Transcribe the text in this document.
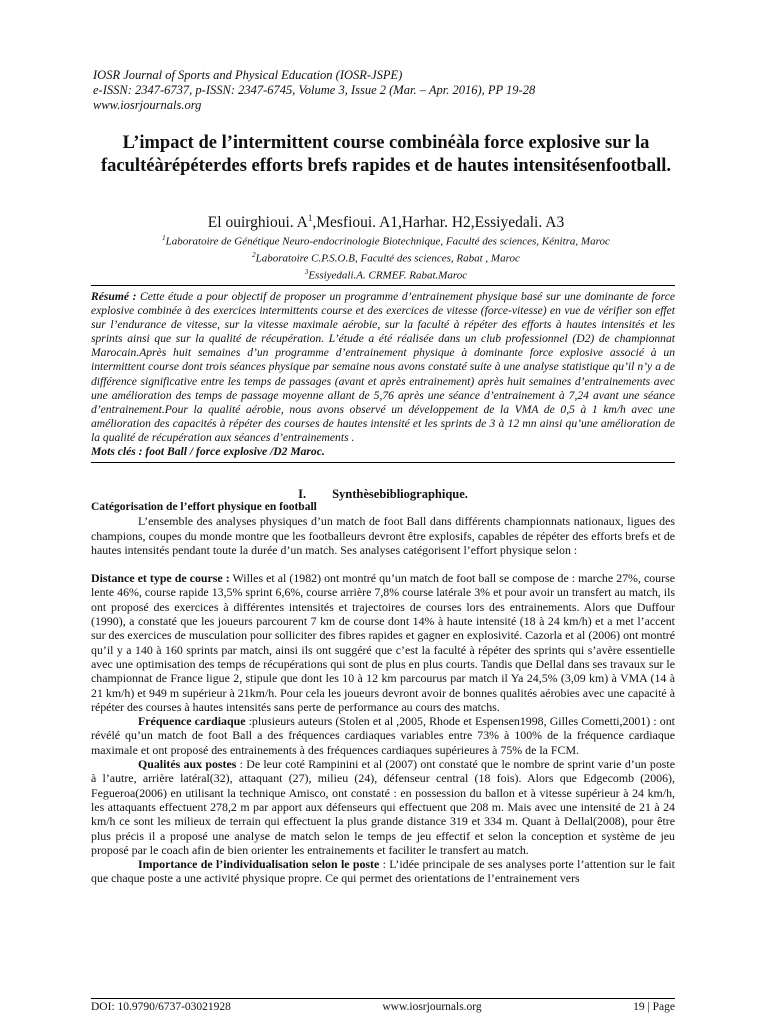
IOSR Journal of Sports and Physical Education (IOSR-JSPE)
e-ISSN: 2347-6737, p-ISSN: 2347-6745, Volume 3, Issue 2 (Mar. – Apr. 2016), PP 19-28
www.iosrjournals.org
L’impact de l’intermittent course combinéàla force explosive sur la facultéàrépéterdes efforts brefs rapides et de hautes intensitésenfootball.
El ouirghioui. $A^1,Mesfioui$. A1,Harhar. H2,Essiyedali. A3
$^1$Laboratoire de Génétique Neuro-endocrinologie Biotechnique, Faculté des sciences, Kénitra, Maroc
$^2$Laboratoire C.P.S.O.B, Faculté des sciences, Rabat , Maroc
$^3$Essiyedali.A. CRMEF. Rabat.Maroc
Résumé : Cette étude a pour objectif de proposer un programme d’entrainement physique basé sur une dominante de force explosive combinée à des exercices intermittents course et des exercices de vitesse (force-vitesse) en vue de vérifier son effet sur l’endurance de vitesse, sur la vitesse maximale aérobie, sur la faculté à répéter des efforts à hautes intensités et les sprints ainsi que sur la qualité de récupération. L’étude a été réalisée dans un club professionnel (D2) de championnat Marocain.Après huit semaines d’un programme d’entrainement physique à dominante force explosive associé à un intermittent course dont trois séances physique par semaine nous avons constaté suite à une analyse statistique qu’il n’y a de différence significative entre les temps de passages (avant et après entrainement) après huit semaines d’entrainements avec une amélioration des temps de passage moyenne allant de 5,76 après une séance d’entrainement à 7,24 avant une séance d’entrainement.Pour la qualité aérobie, nous avons observé un développement de la VMA de 0,5 à 1 km/h avec une amélioration des capacités à répéter des courses de hautes intensité et les sprints de 3 à 12 mn ainsi qu’une amélioration de la qualité de récupération aux séances d’entrainements .
Mots clés : foot Ball / force explosive /D2 Maroc.
I. Synthèsebibliographique.

Catégorisation de l’effort physique en football

L’ensemble des analyses physiques d’un match de foot Ball dans différents championnats nationaux, ligues des champions, coupes du monde montre que les footballeurs devront être explosifs, capables de répéter des efforts brefs et de hautes intensités pendant toute la durée d’un match. Ses analyses catégorisent l’effort physique selon :

Distance et type de course : Willes et al (1982) ont montré qu’un match de foot ball se compose de : marche 27%, course lente 46%, course rapide 13,5% sprint 6,6%, course arrière 7,8% course latérale 3% et pour avoir un transfert au match, ils ont proposé des exercices à différentes intensités et trajectoires de courses lors des entrainements. Alors que Duffour (1990), a constaté que les joueurs parcourent 7 km de course dont 14% à haute intensité (18 à 24 km/h) et a met l’accent sur des exercices de musculation pour solliciter des fibres rapides et gagner en explosivité. Cazorla et al (2006) ont montré qu’il y a 140 à 160 sprints par match, ainsi ils ont suggéré que c’est la faculté à répéter des sprints qui s’avère essentielle avec une optimisation des temps de récupérations qui sont de plus en plus courts. Tandis que Dellal dans ses travaux sur le championnat de France ligue 2, stipule que dont les 10 à 12 km parcourus par match il Ya 24,5% (3,09 km) à VMA (14 à 21 km/h) et 949 m supérieur à 21km/h. Pour cela les joueurs devront avoir de bonnes qualités aérobies avec une capacité à répéter des courses à hautes intensités sans perte de performance au cours des matchs.

Fréquence cardiaque :plusieurs auteurs (Stolen et al ,2005, Rhode et Espensen1998, Gilles Cometti,2001) : ont révélé qu’un match de foot Ball a des fréquences cardiaques variables entre 73% à 100% de la fréquence cardiaque maximale et ont proposé des entrainements à des fréquences cardiaques supérieures à 75% de la FCM.

Qualités aux postes : De leur coté Rampinini et al (2007) ont constaté que le nombre de sprint varie d’un poste à l’autre, arrière latéral(32), attaquant (27), milieu (24), défenseur central (18 fois). Alors que Edgecomb (2006), Fegueroa(2006) en utilisant la technique Amisco, ont constaté : en possession du ballon et à vitesse supérieur à 24 km/h, les attaquants effectuent 278,2 m par apport aux défenseurs qui effectuent que 208 m. Mais avec une intensité de 21 à 24 km/h ce sont les milieux de terrain qui effectuent la plus grande distance 319 et 334 m. Quant à Dellal(2008), pour être plus précis il a proposé une analyse de match selon le temps de jeu effectif et selon la conception et système de jeu proposé par le coach afin de bien orienter les entrainements et faciliter le transfert au match.

Importance de l’individualisation selon le poste : L’idée principale de ses analyses porte l’attention sur le fait que chaque poste a une activité physique propre. Ce qui permet des orientations de l’entrainement vers

DOI: 10.9790/6737-03021928	www.iosrjournals.org	19 | Page
